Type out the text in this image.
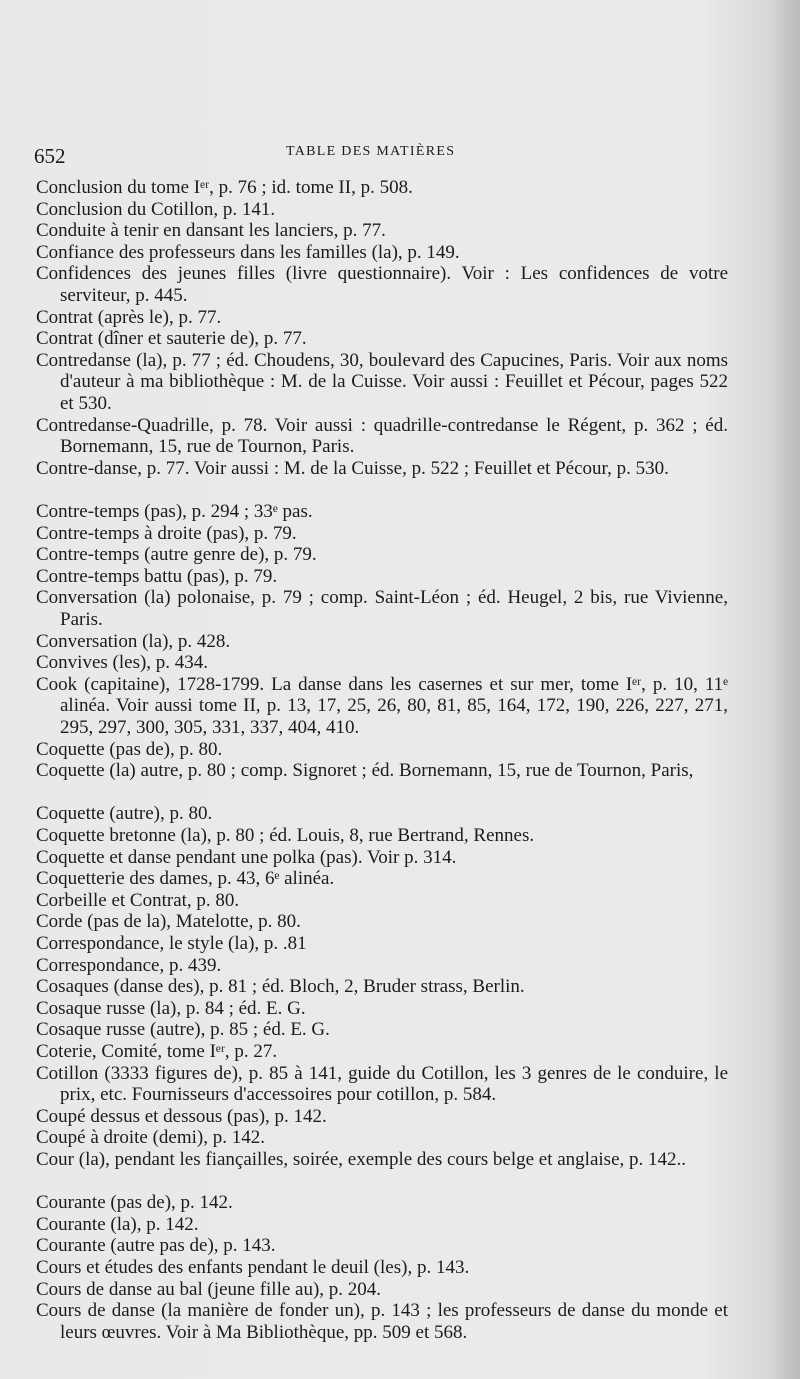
652	TABLE DES MATIÈRES
Conclusion du tome Iᵉʳ, p. 76 ; id. tome II, p. 508.
Conclusion du Cotillon, p. 141.
Conduite à tenir en dansant les lanciers, p. 77.
Confiance des professeurs dans les familles (la), p. 149.
Confidences des jeunes filles (livre questionnaire). Voir : Les confidences de votre serviteur, p. 445.
Contrat (après le), p. 77.
Contrat (dîner et sauterie de), p. 77.
Contredanse (la), p. 77 ; éd. Choudens, 30, boulevard des Capucines, Paris. Voir aux noms d'auteur à ma bibliothèque : M. de la Cuisse. Voir aussi : Feuillet et Pécour, pages 522 et 530.
Contredanse-Quadrille, p. 78. Voir aussi : quadrille-contredanse le Régent, p. 362 ; éd. Bornemann, 15, rue de Tournon, Paris.
Contre-danse, p. 77. Voir aussi : M. de la Cuisse, p. 522 ; Feuillet et Pécour, p. 530.
Contre-temps (pas), p. 294 ; 33ᵉ pas.
Contre-temps à droite (pas), p. 79.
Contre-temps (autre genre de), p. 79.
Contre-temps battu (pas), p. 79.
Conversation (la) polonaise, p. 79 ; comp. Saint-Léon ; éd. Heugel, 2 bis, rue Vivienne, Paris.
Conversation (la), p. 428.
Convives (les), p. 434.
Cook (capitaine), 1728-1799. La danse dans les casernes et sur mer, tome Iᵉʳ, p. 10, 11ᵉ alinéa. Voir aussi tome II, p. 13, 17, 25, 26, 80, 81, 85, 164, 172, 190, 226, 227, 271, 295, 297, 300, 305, 331, 337, 404, 410.
Coquette (pas de), p. 80.
Coquette (la) autre, p. 80 ; comp. Signoret ; éd. Bornemann, 15, rue de Tournon, Paris,
Coquette (autre), p. 80.
Coquette bretonne (la), p. 80 ; éd. Louis, 8, rue Bertrand, Rennes.
Coquette et danse pendant une polka (pas). Voir p. 314.
Coquetterie des dames, p. 43, 6ᵉ alinéa.
Corbeille et Contrat, p. 80.
Corde (pas de la), Matelotte, p. 80.
Correspondance, le style (la), p. .81
Correspondance, p. 439.
Cosaques (danse des), p. 81 ; éd. Bloch, 2, Bruder strass, Berlin.
Cosaque russe (la), p. 84 ; éd. E. G.
Cosaque russe (autre), p. 85 ; éd. E. G.
Coterie, Comité, tome Iᵉʳ, p. 27.
Cotillon (3333 figures de), p. 85 à 141, guide du Cotillon, les 3 genres de le conduire, le prix, etc. Fournisseurs d'accessoires pour cotillon, p. 584.
Coupé dessus et dessous (pas), p. 142.
Coupé à droite (demi), p. 142.
Cour (la), pendant les fiançailles, soirée, exemple des cours belge et anglaise, p. 142..
Courante (pas de), p. 142.
Courante (la), p. 142.
Courante (autre pas de), p. 143.
Cours et études des enfants pendant le deuil (les), p. 143.
Cours de danse au bal (jeune fille au), p. 204.
Cours de danse (la manière de fonder un), p. 143 ; les professeurs de danse du monde et leurs œuvres. Voir à Ma Bibliothèque, pp. 509 et 568.
